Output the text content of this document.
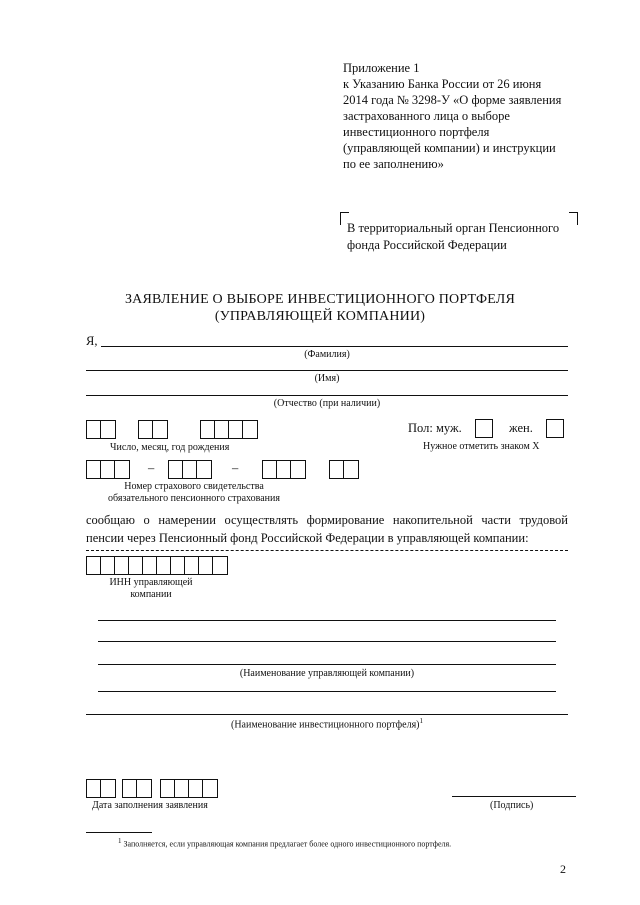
Приложение 1
к Указанию Банка России от 26 июня
2014 года № 3298-У «О форме заявления
застрахованного лица о выборе
инвестиционного портфеля
(управляющей компании) и инструкции
по ее заполнению»
В территориальный орган Пенсионного
фонда Российской Федерации
ЗАЯВЛЕНИЕ О ВЫБОРЕ ИНВЕСТИЦИОННОГО ПОРТФЕЛЯ
(УПРАВЛЯЮЩЕЙ КОМПАНИИ)
Я,
(Фамилия)
(Имя)
(Отчество (при наличии)
Число, месяц, год рождения
Пол: муж.	жен.
Нужное отметить знаком Х
–	–
Номер страхового свидетельства
обязательного пенсионного страхования
сообщаю о намерении осуществлять формирование накопительной части трудовой
пенсии через Пенсионный фонд Российской Федерации в управляющей компании:
ИНН управляющей
компании
(Наименование управляющей компании)
(Наименование инвестиционного портфеля)$^1$
Дата заполнения заявления	(Подпись)
$^1$ Заполняется, если управляющая компания предлагает более одного инвестиционного портфеля.
2
